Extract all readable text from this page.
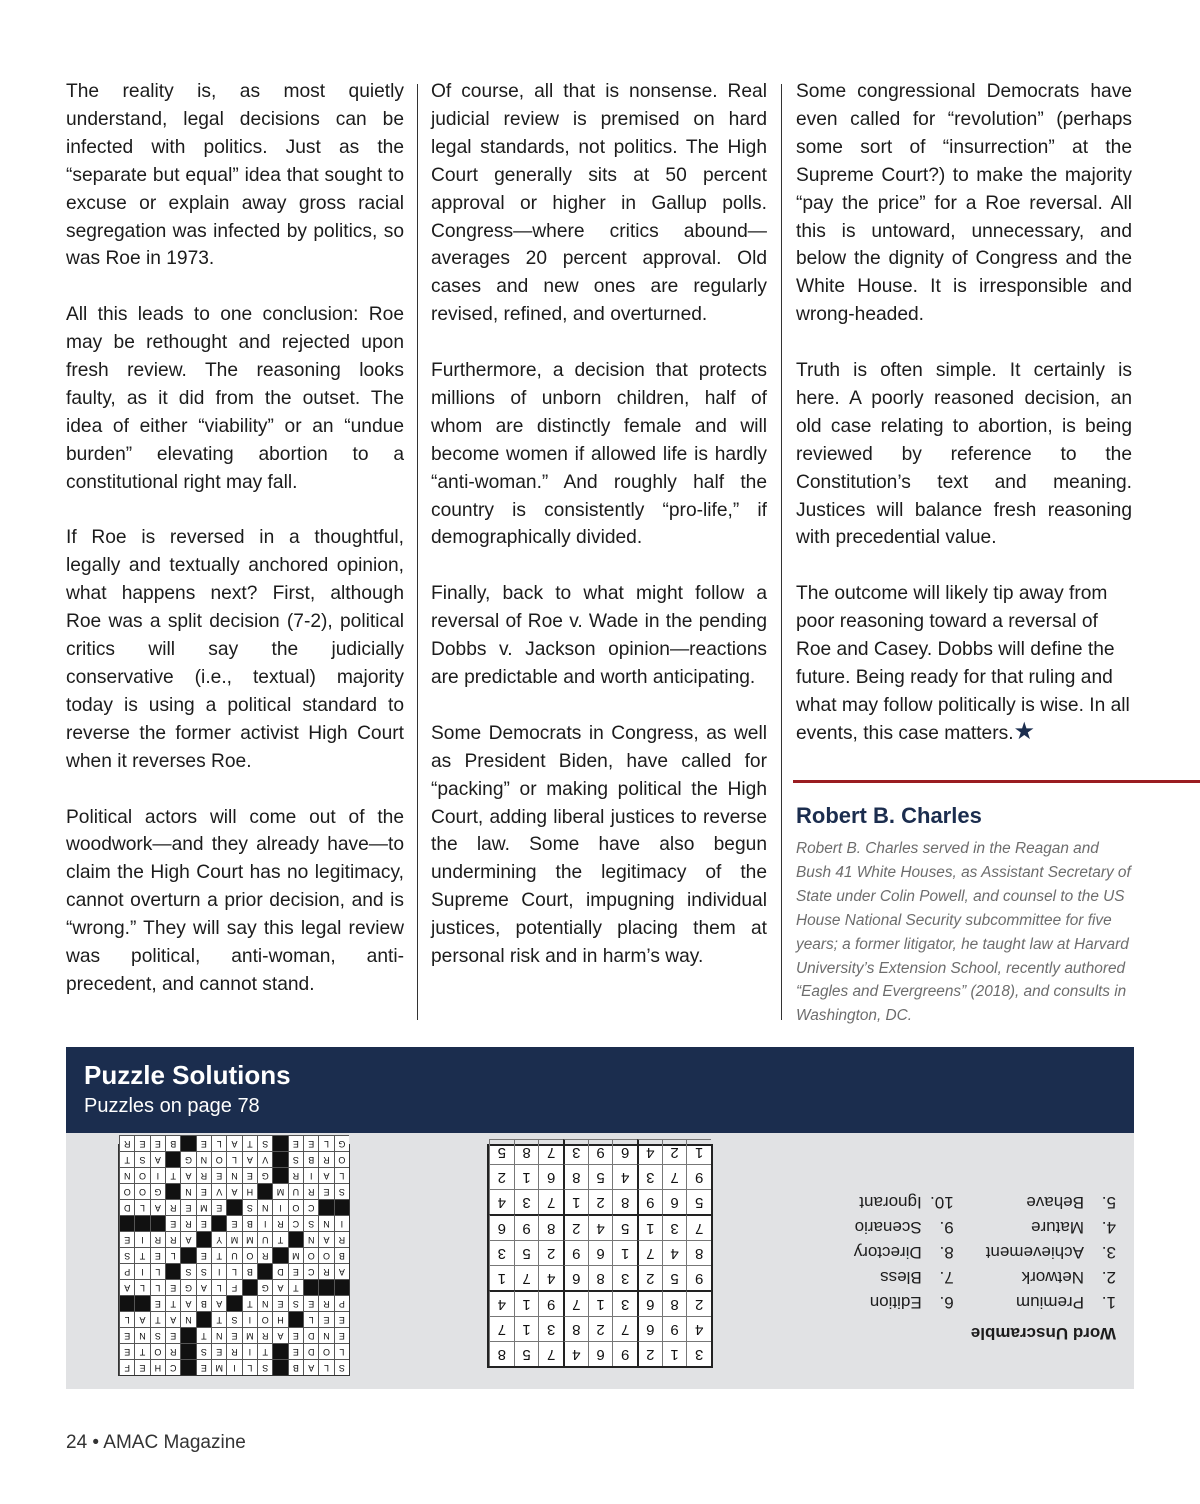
The reality is, as most quietly understand, legal decisions can be infected with politics. Just as the “separate but equal” idea that sought to excuse or explain away gross racial segregation was infected by politics, so was Roe in 1973.

All this leads to one conclusion: Roe may be rethought and rejected upon fresh review. The reasoning looks faulty, as it did from the outset. The idea of either “viability” or an “undue burden” elevating abortion to a constitutional right may fall.

If Roe is reversed in a thoughtful, legally and textually anchored opinion, what happens next? First, although Roe was a split decision (7-2), political critics will say the judicially conservative (i.e., textual) majority today is using a political standard to reverse the former activist High Court when it reverses Roe.

Political actors will come out of the woodwork—and they already have—to claim the High Court has no legitimacy, cannot overturn a prior decision, and is “wrong.” They will say this legal review was political, anti-woman, anti-precedent, and cannot stand.

Of course, all that is nonsense. Real judicial review is premised on hard legal standards, not politics. The High Court generally sits at 50 percent approval or higher in Gallup polls. Congress—where critics abound—averages 20 percent approval. Old cases and new ones are regularly revised, refined, and overturned.

Furthermore, a decision that protects millions of unborn children, half of whom are distinctly female and will become women if allowed life is hardly “anti-woman.” And roughly half the country is consistently “pro-life,” if demographically divided.

Finally, back to what might follow a reversal of Roe v. Wade in the pending Dobbs v. Jackson opinion—reactions are predictable and worth anticipating.

Some Democrats in Congress, as well as President Biden, have called for “packing” or making political the High Court, adding liberal justices to reverse the law. Some have also begun undermining the legitimacy of the Supreme Court, impugning individual justices, potentially placing them at personal risk and in harm’s way.

Some congressional Democrats have even called for “revolution” (perhaps some sort of “insurrection” at the Supreme Court?) to make the majority “pay the price” for a Roe reversal. All this is untoward, unnecessary, and below the dignity of Congress and the White House. It is irresponsible and wrong-headed.

Truth is often simple. It certainly is here. A poorly reasoned decision, an old case relating to abortion, is being reviewed by reference to the Constitution’s text and meaning. Justices will balance fresh reasoning with precedential value.

The outcome will likely tip away from poor reasoning toward a reversal of Roe and Casey. Dobbs will define the future. Being ready for that ruling and what may follow politically is wise. In all events, this case matters.★

Robert B. Charles
Robert B. Charles served in the Reagan and Bush 41 White Houses, as Assistant Secretary of State under Colin Powell, and counsel to the US House National Security subcommittee for five years; a former litigator, he taught law at Harvard University’s Extension School, recently authored “Eagles and Evergreens” (2018), and consults in Washington, DC.
Puzzle Solutions
Puzzles on page 78
S
L
A
B
S
L
I
M
E
C
H
E
F
L
O
D
E
T
I
R
E
S
R
O
T
E
E
N
D
E
A
R
M
E
N
T
E
S
N
E
E
E
L
H
O
I
S
T
N
A
T
A
L
P
R
E
S
E
N
T
A
B
A
T
E
T
A
G
F
L
A
G
E
L
L
A
A
R
C
E
D
B
L
I
S
S
L
I
P
B
O
O
M
R
O
U
T
E
L
E
T
S
R
A
N
T
U
M
M
Y
A
R
R
I
E
I
N
S
C
R
I
B
E
E
R
E
C
O
I
N
S
E
M
E
R
A
L
D
S
E
R
U
M
H
A
V
E
N
G
O
O
L
A
I
R
G
E
N
E
R
A
T
I
O
N
O
R
B
S
V
A
L
O
N
G
A
S
T
G
L
E
E
S
T
A
L
E
B
E
E
R
3
1
2
9
6
4
7
5
8
4
9
6
7
2
8
3
1
7
2
8
6
3
1
7
9
1
4
9
5
2
3
8
6
4
7
1
8
4
7
1
6
9
2
5
3
7
3
1
5
4
2
8
9
6
5
6
9
8
2
1
7
3
4
9
7
3
4
5
8
6
1
2
1
2
4
6
9
3
7
8
5
Word Unscramble
1.Premium
2.Network
3.Achievement
4.Mature
5.Behave
6.Edition
7.Bless
8.Directory
9.Scenario
10.Ignorant
24 • AMAC Magazine
